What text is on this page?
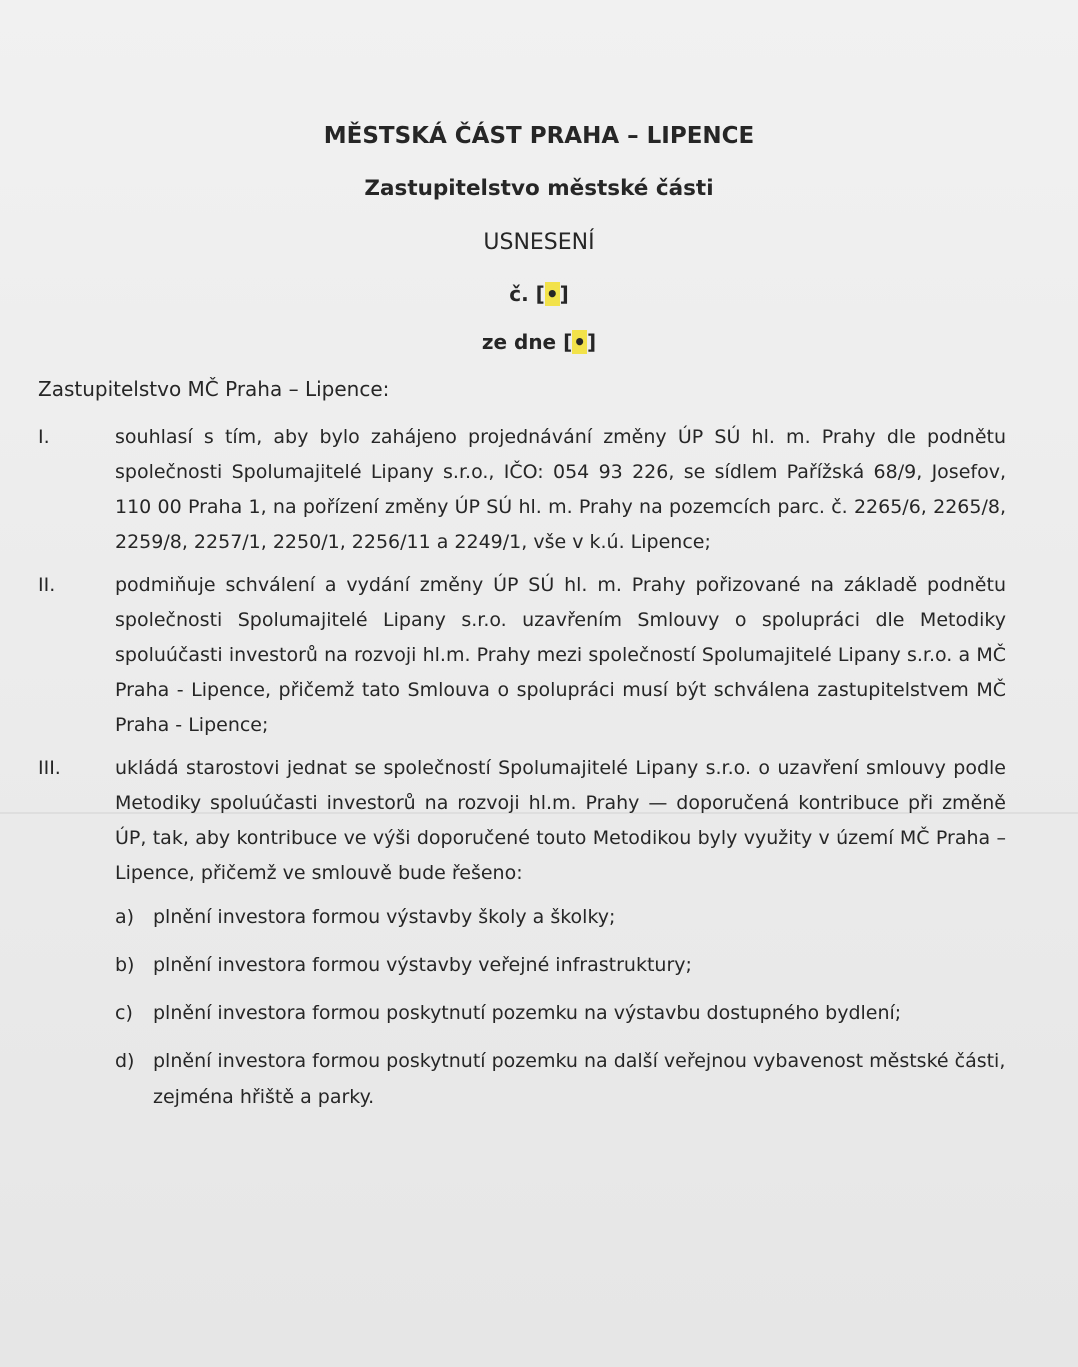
MĚSTSKÁ ČÁST PRAHA – LIPENCE

Zastupitelstvo městské části

USNESENÍ

č. [•]

ze dne [•]

Zastupitelstvo MČ Praha – Lipence:

I.	souhlasí s tím, aby bylo zahájeno projednávání změny ÚP SÚ hl. m. Prahy dle podnětu společnosti Spolumajitelé Lipany s.r.o., IČO: 054 93 226, se sídlem Pařížská 68/9, Josefov, 110 00 Praha 1, na pořízení změny ÚP SÚ hl. m. Prahy na pozemcích parc. č. 2265/6, 2265/8, 2259/8, 2257/1, 2250/1, 2256/11 a 2249/1, vše v k.ú. Lipence;
II.	podmiňuje schválení a vydání změny ÚP SÚ hl. m. Prahy pořizované na základě podnětu společnosti Spolumajitelé Lipany s.r.o. uzavřením Smlouvy o spolupráci dle Metodiky spoluúčasti investorů na rozvoji hl.m. Prahy mezi společností Spolumajitelé Lipany s.r.o. a MČ Praha - Lipence, přičemž tato Smlouva o spolupráci musí být schválena zastupitelstvem MČ Praha - Lipence;
III.	ukládá starostovi jednat se společností Spolumajitelé Lipany s.r.o. o uzavření smlouvy podle Metodiky spoluúčasti investorů na rozvoji hl.m. Prahy — doporučená kontribuce při změně ÚP, tak, aby kontribuce ve výši doporučené touto Metodikou byly využity v území MČ Praha – Lipence, přičemž ve smlouvě bude řešeno:
a) plnění investora formou výstavby školy a školky;
b) plnění investora formou výstavby veřejné infrastruktury;
c)	plnění investora formou poskytnutí pozemku na výstavbu dostupného bydlení;
d) plnění investora formou poskytnutí pozemku na další veřejnou vybavenost městské části, zejména hřiště a parky.
